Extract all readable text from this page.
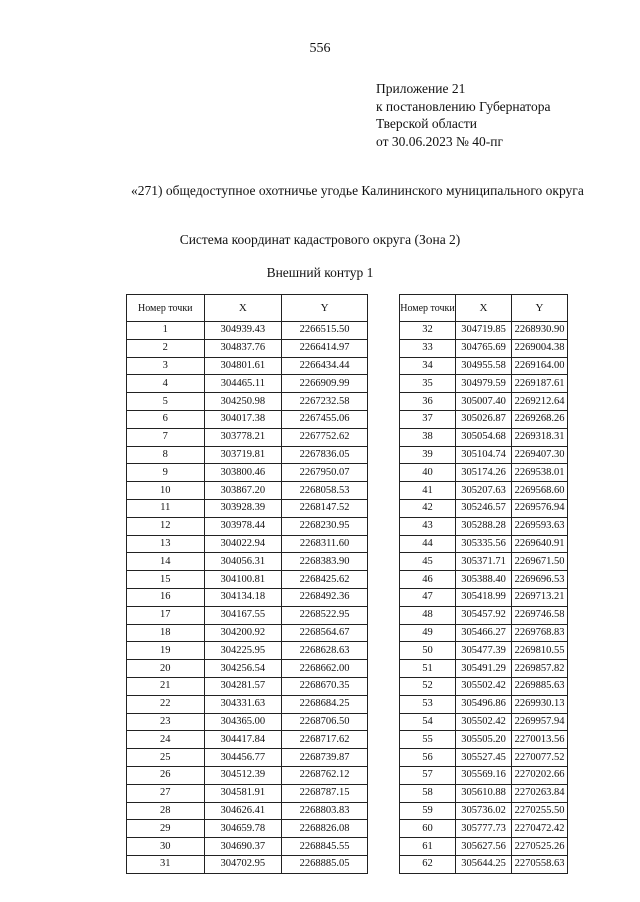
556
Приложение 21
к постановлению Губернатора
Тверской области
от 30.06.2023 № 40-пг
«271) общедоступное охотничье угодье Калининского муниципального округа
Система координат кадастрового округа (Зона 2)
Внешний контур 1
Номер точки	X	Y
1	304939.43	2266515.50
2	304837.76	2266414.97
3	304801.61	2266434.44
4	304465.11	2266909.99
5	304250.98	2267232.58
6	304017.38	2267455.06
7	303778.21	2267752.62
8	303719.81	2267836.05
9	303800.46	2267950.07
10	303867.20	2268058.53
11	303928.39	2268147.52
12	303978.44	2268230.95
13	304022.94	2268311.60
14	304056.31	2268383.90
15	304100.81	2268425.62
16	304134.18	2268492.36
17	304167.55	2268522.95
18	304200.92	2268564.67
19	304225.95	2268628.63
20	304256.54	2268662.00
21	304281.57	2268670.35
22	304331.63	2268684.25
23	304365.00	2268706.50
24	304417.84	2268717.62
25	304456.77	2268739.87
26	304512.39	2268762.12
27	304581.91	2268787.15
28	304626.41	2268803.83
29	304659.78	2268826.08
30	304690.37	2268845.55
31	304702.95	2268885.05
Номер точки	X	Y
32	304719.85	2268930.90
33	304765.69	2269004.38
34	304955.58	2269164.00
35	304979.59	2269187.61
36	305007.40	2269212.64
37	305026.87	2269268.26
38	305054.68	2269318.31
39	305104.74	2269407.30
40	305174.26	2269538.01
41	305207.63	2269568.60
42	305246.57	2269576.94
43	305288.28	2269593.63
44	305335.56	2269640.91
45	305371.71	2269671.50
46	305388.40	2269696.53
47	305418.99	2269713.21
48	305457.92	2269746.58
49	305466.27	2269768.83
50	305477.39	2269810.55
51	305491.29	2269857.82
52	305502.42	2269885.63
53	305496.86	2269930.13
54	305502.42	2269957.94
55	305505.20	2270013.56
56	305527.45	2270077.52
57	305569.16	2270202.66
58	305610.88	2270263.84
59	305736.02	2270255.50
60	305777.73	2270472.42
61	305627.56	2270525.26
62	305644.25	2270558.63
